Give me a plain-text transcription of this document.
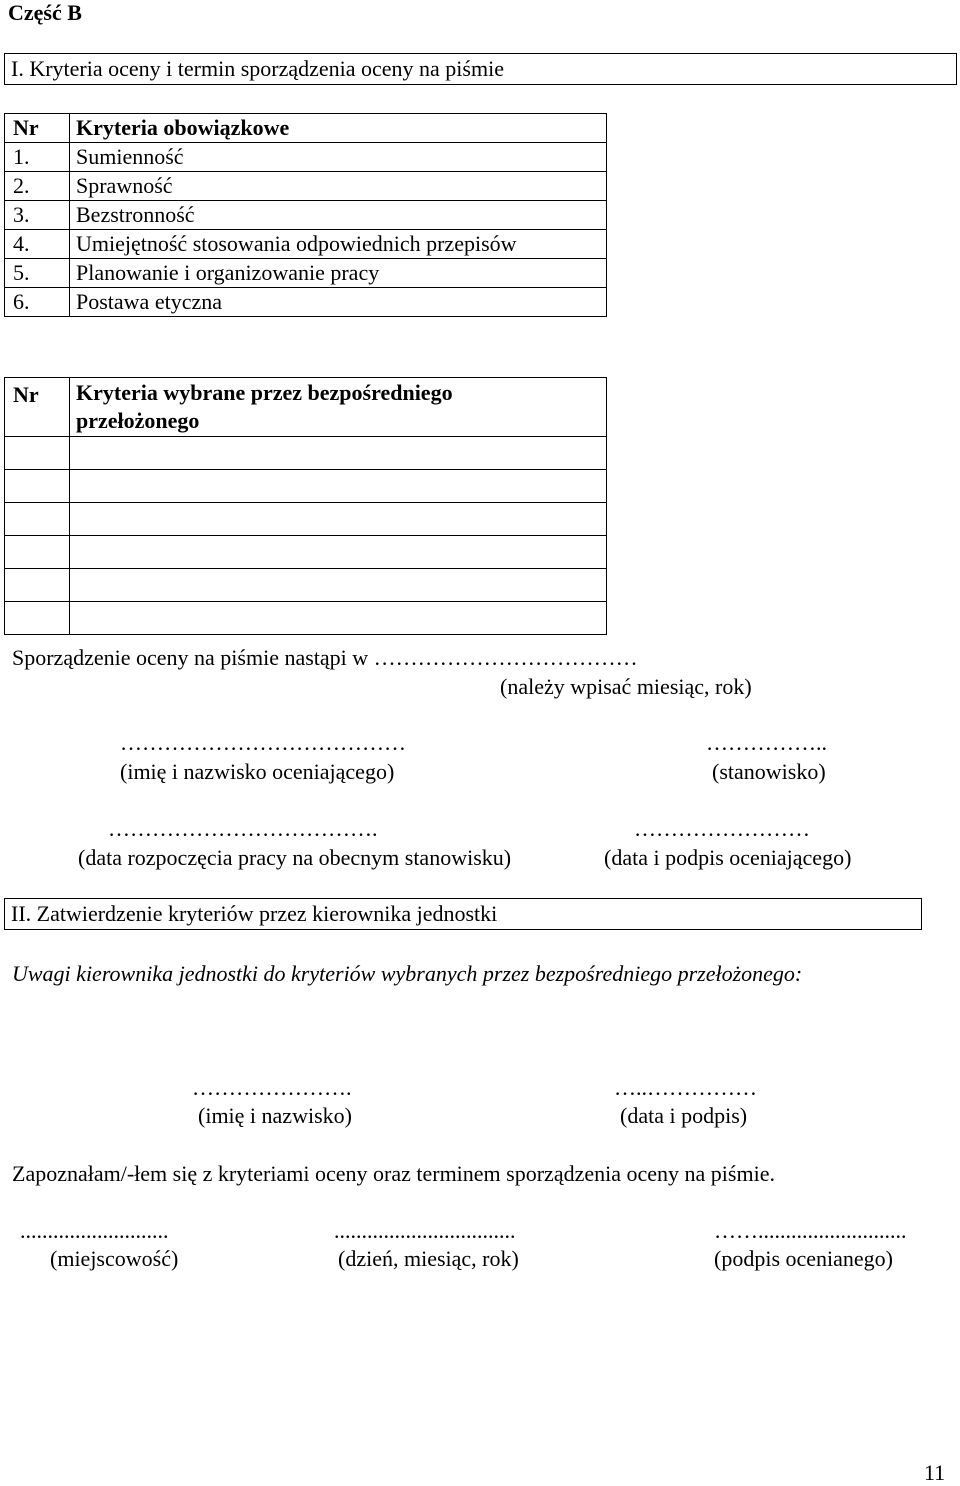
Część B
I. Kryteria oceny i termin sporządzenia oceny na piśmie
Nr	Kryteria obowiązkowe
1.	Sumienność
2.	Sprawność
3.	Bezstronność
4.	Umiejętność stosowania odpowiednich przepisów
5.	Planowanie i organizowanie pracy
6.	Postawa etyczna
Nr	Kryteria wybrane przez bezpośredniego
przełożonego

Sporządzenie oceny na piśmie nastąpi w ………………………………
(należy wpisać miesiąc, rok)
…………………………………
(imię i nazwisko oceniającego)
……………..
(stanowisko)
……………………………….
(data rozpoczęcia pracy na obecnym stanowisku)
……………………
(data i podpis oceniającego)
II. Zatwierdzenie kryteriów przez kierownika jednostki
Uwagi kierownika jednostki do kryteriów wybranych przez bezpośredniego przełożonego:
………………….
(imię i nazwisko)
…..……………
(data i podpis)
Zapoznałam/-łem się z kryteriami oceny oraz terminem sporządzenia oceny na piśmie.
...........................
(miejscowość)
.................................
(dzień, miesiąc, rok)
……...........................
(podpis ocenianego)
11
